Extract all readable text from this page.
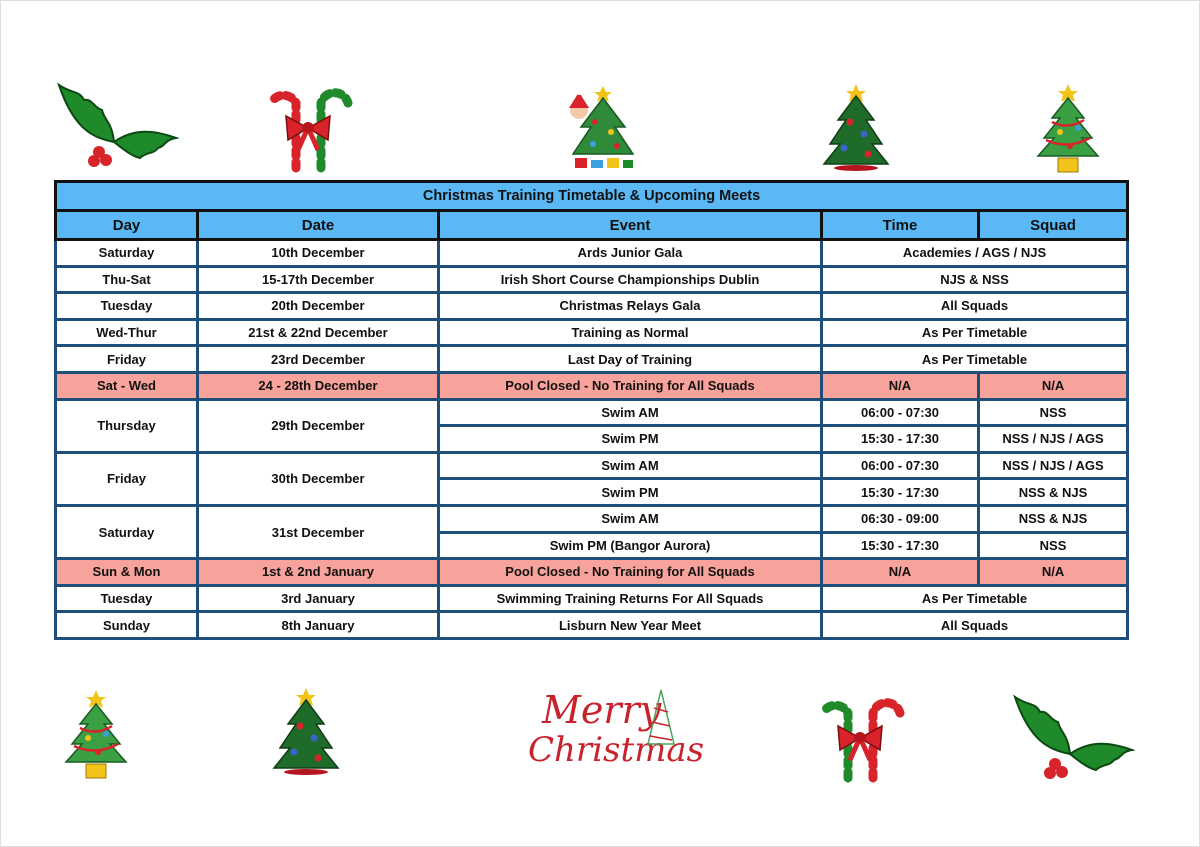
Christmas Training Timetable & Upcoming Meets				
Day	Date	Event	Time	Squad
Saturday	10th December	Ards Junior Gala	Academies / AGS / NJS	
Thu-Sat	15-17th December	Irish Short Course Championships Dublin	NJS & NSS	
Tuesday	20th December	Christmas Relays Gala	All Squads	
Wed-Thur	21st & 22nd December	Training as Normal	As Per Timetable	
Friday	23rd December	Last Day of Training	As Per Timetable	
Sat - Wed	24 - 28th December	Pool Closed - No Training for All Squads	N/A	N/A
Thursday	29th December	Swim AM	06:00 - 07:30	NSS
		Swim PM	15:30 - 17:30	NSS / NJS / AGS
Friday	30th December	Swim AM	06:00 - 07:30	NSS / NJS / AGS
		Swim PM	15:30 - 17:30	NSS & NJS
Saturday	31st December	Swim AM	06:30 - 09:00	NSS & NJS
		Swim PM (Bangor Aurora)	15:30 - 17:30	NSS
Sun & Mon	1st & 2nd January	Pool Closed - No Training for All Squads	N/A	N/A
Tuesday	3rd January	Swimming Training Returns For All Squads	As Per Timetable	
Sunday	8th January	Lisburn New Year Meet	All Squads	
Merry
Christmas
